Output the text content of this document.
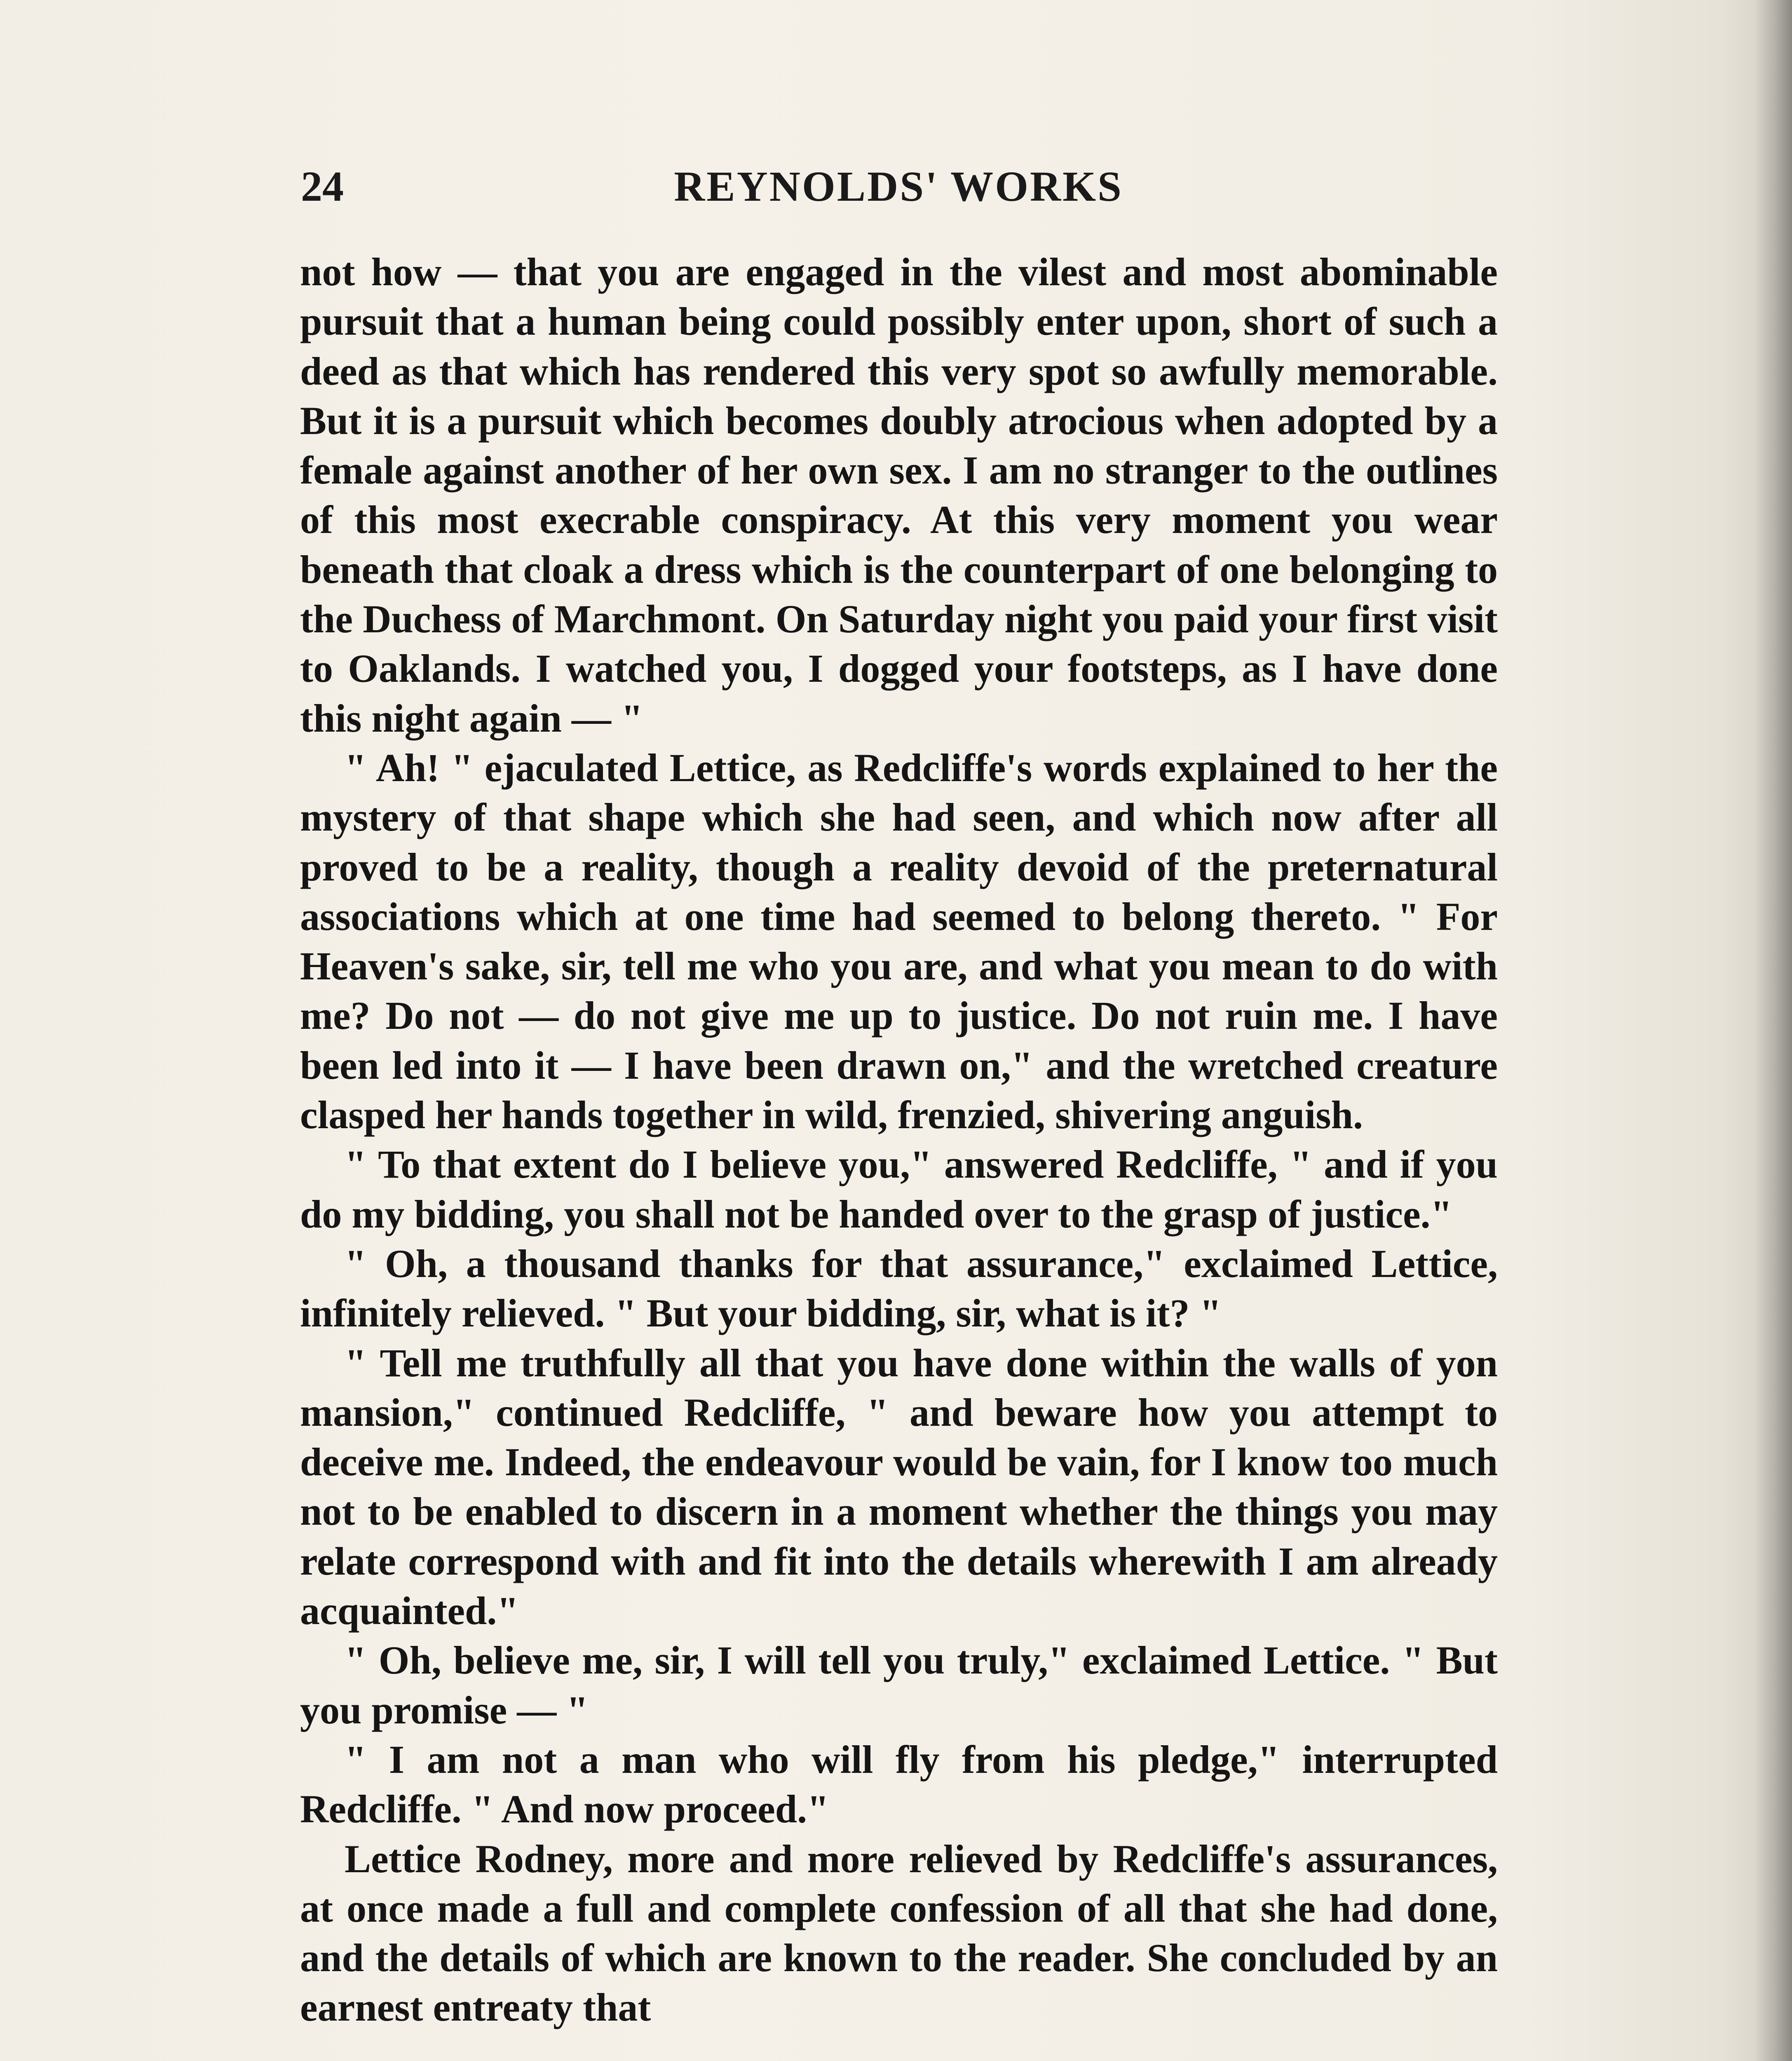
24	REYNOLDS' WORKS

not how — that you are engaged in the vilest and most abominable pursuit that a human being could possibly enter upon, short of such a deed as that which has rendered this very spot so awfully memorable. But it is a pursuit which becomes doubly atrocious when adopted by a female against another of her own sex. I am no stranger to the outlines of this most execrable conspiracy. At this very moment you wear beneath that cloak a dress which is the counterpart of one belonging to the Duchess of Marchmont. On Saturday night you paid your first visit to Oaklands. I watched you, I dogged your footsteps, as I have done this night again — "

" Ah! " ejaculated Lettice, as Redcliffe's words explained to her the mystery of that shape which she had seen, and which now after all proved to be a reality, though a reality devoid of the preternatural associations which at one time had seemed to belong thereto. " For Heaven's sake, sir, tell me who you are, and what you mean to do with me? Do not — do not give me up to justice. Do not ruin me. I have been led into it — I have been drawn on," and the wretched creature clasped her hands together in wild, frenzied, shivering anguish.

" To that extent do I believe you," answered Redcliffe, " and if you do my bidding, you shall not be handed over to the grasp of justice."

" Oh, a thousand thanks for that assurance," exclaimed Lettice, infinitely relieved. " But your bidding, sir, what is it? "

" Tell me truthfully all that you have done within the walls of yon mansion," continued Redcliffe, " and beware how you attempt to deceive me. Indeed, the endeavour would be vain, for I know too much not to be enabled to discern in a moment whether the things you may relate correspond with and fit into the details wherewith I am already acquainted."

" Oh, believe me, sir, I will tell you truly," exclaimed Lettice. " But you promise — "

" I am not a man who will fly from his pledge," interrupted Redcliffe. " And now proceed."

Lettice Rodney, more and more relieved by Redcliffe's assurances, at once made a full and complete confession of all that she had done, and the details of which are known to the reader. She concluded by an earnest entreaty that
